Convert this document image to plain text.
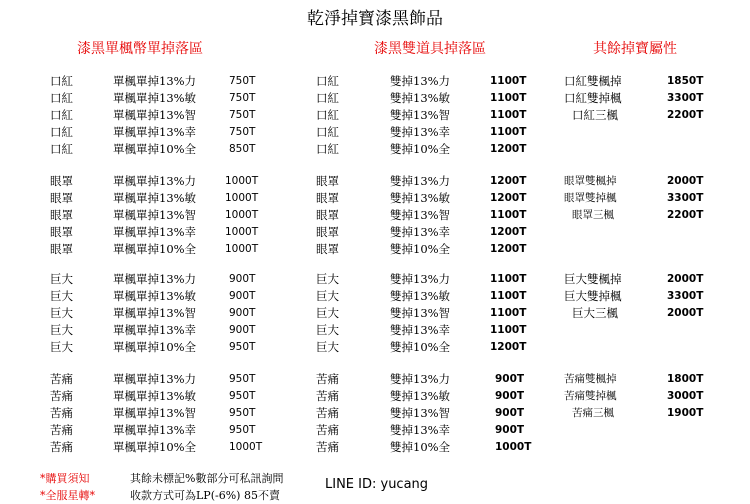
乾淨掉寶漆黑飾品
漆黑單楓幣單掉落區	漆黑雙道具掉落區	其餘掉寶屬性
口紅	單楓單掉13%力	750T
口紅	單楓單掉13%敏	750T
口紅	單楓單掉13%智	750T
口紅	單楓單掉13%幸	750T
口紅	單楓單掉10%全	850T
眼罩	單楓單掉13%力	1000T
眼罩	單楓單掉13%敏	1000T
眼罩	單楓單掉13%智	1000T
眼罩	單楓單掉13%幸	1000T
眼罩	單楓單掉10%全	1000T
巨大	單楓單掉13%力	900T
巨大	單楓單掉13%敏	900T
巨大	單楓單掉13%智	900T
巨大	單楓單掉13%幸	900T
巨大	單楓單掉10%全	950T
苦痛	單楓單掉13%力	950T
苦痛	單楓單掉13%敏	950T
苦痛	單楓單掉13%智	950T
苦痛	單楓單掉13%幸	950T
苦痛	單楓單掉10%全	1000T
口紅	雙掉13%力	1100T
口紅	雙掉13%敏	1100T
口紅	雙掉13%智	1100T
口紅	雙掉13%幸	1100T
口紅	雙掉10%全	1200T
眼罩	雙掉13%力	1200T
眼罩	雙掉13%敏	1200T
眼罩	雙掉13%智	1100T
眼罩	雙掉13%幸	1200T
眼罩	雙掉10%全	1200T
巨大	雙掉13%力	1100T
巨大	雙掉13%敏	1100T
巨大	雙掉13%智	1100T
巨大	雙掉13%幸	1100T
巨大	雙掉10%全	1200T
苦痛	雙掉13%力	900T
苦痛	雙掉13%敏	900T
苦痛	雙掉13%智	900T
苦痛	雙掉13%幸	900T
苦痛	雙掉10%全	1000T
口紅雙楓掉	1850T
口紅雙掉楓	3300T
口紅三楓	2200T
眼罩雙楓掉	2000T
眼罩雙掉楓	3300T
眼罩三楓	2200T
巨大雙楓掉	2000T
巨大雙掉楓	3300T
巨大三楓	2000T
苦痛雙楓掉	1800T
苦痛雙掉楓	3000T
苦痛三楓	1900T
*購買須知	其餘未標記%數部分可私訊詢問
*全服星轉*	收款方式可為LP(-6%) 85不賣
LINE ID: yucang
